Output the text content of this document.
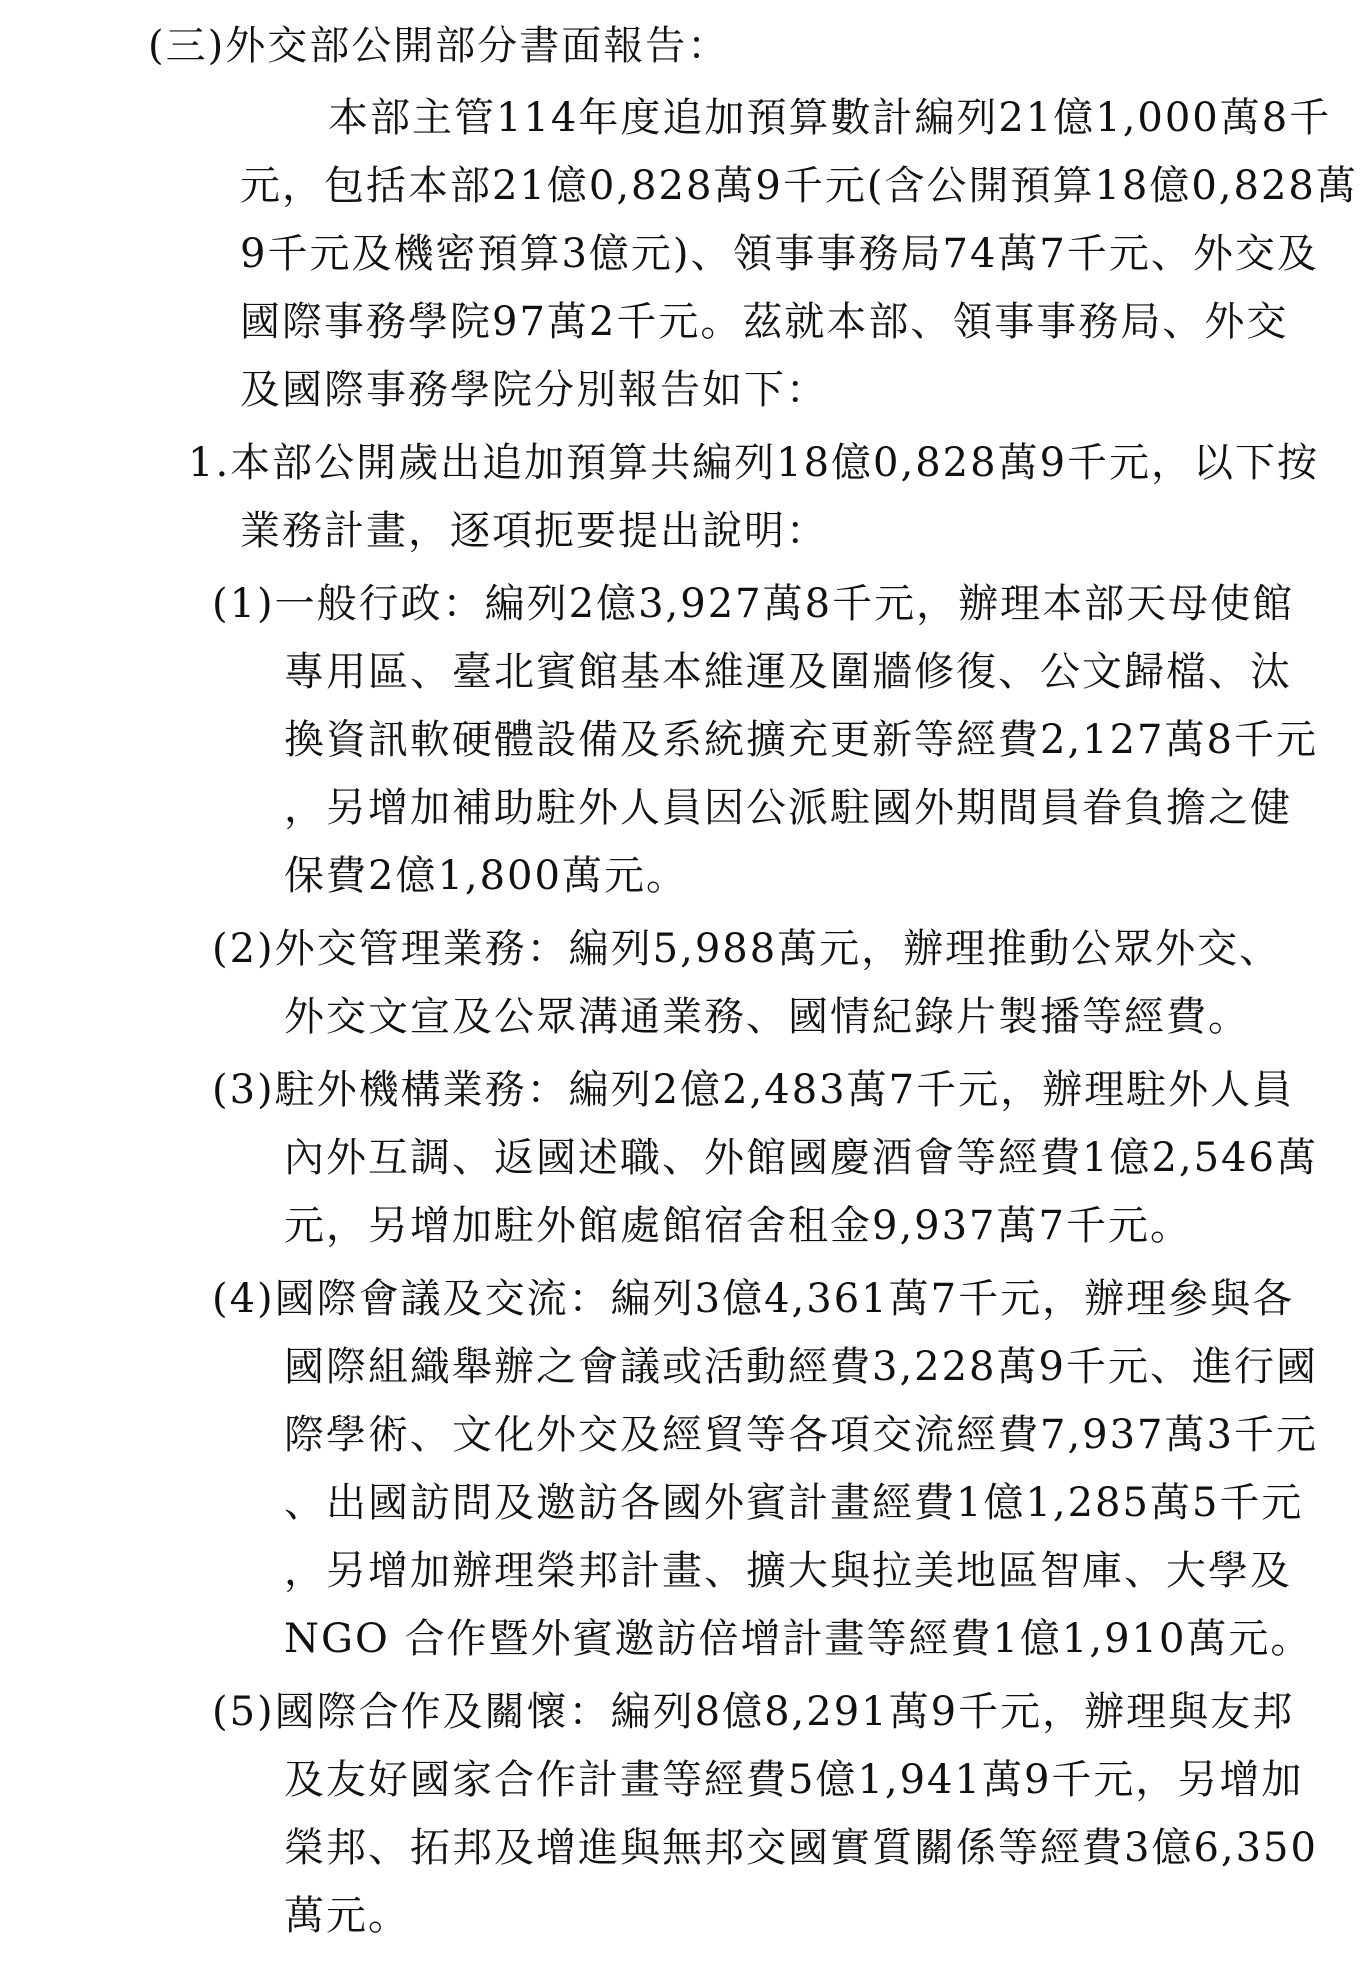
(三)外交部公開部分書面報告：
本部主管114年度追加預算數計編列21億1,000萬8千
元，包括本部21億0,828萬9千元(含公開預算18億0,828萬
9千元及機密預算3億元)、領事事務局74萬7千元、外交及
國際事務學院97萬2千元。茲就本部、領事事務局、外交
及國際事務學院分別報告如下：
1.本部公開歲出追加預算共編列18億0,828萬9千元，以下按
業務計畫，逐項扼要提出說明：
(1)一般行政：編列2億3,927萬8千元，辦理本部天母使館
專用區、臺北賓館基本維運及圍牆修復、公文歸檔、汰
換資訊軟硬體設備及系統擴充更新等經費2,127萬8千元
，另增加補助駐外人員因公派駐國外期間員眷負擔之健
保費2億1,800萬元。
(2)外交管理業務：編列5,988萬元，辦理推動公眾外交、
外交文宣及公眾溝通業務、國情紀錄片製播等經費。
(3)駐外機構業務：編列2億2,483萬7千元，辦理駐外人員
內外互調、返國述職、外館國慶酒會等經費1億2,546萬
元，另增加駐外館處館宿舍租金9,937萬7千元。
(4)國際會議及交流：編列3億4,361萬7千元，辦理參與各
國際組織舉辦之會議或活動經費3,228萬9千元、進行國
際學術、文化外交及經貿等各項交流經費7,937萬3千元
、出國訪問及邀訪各國外賓計畫經費1億1,285萬5千元
，另增加辦理榮邦計畫、擴大與拉美地區智庫、大學及
NGO 合作暨外賓邀訪倍增計畫等經費1億1,910萬元。
(5)國際合作及關懷：編列8億8,291萬9千元，辦理與友邦
及友好國家合作計畫等經費5億1,941萬9千元，另增加
榮邦、拓邦及增進與無邦交國實質關係等經費3億6,350
萬元。
